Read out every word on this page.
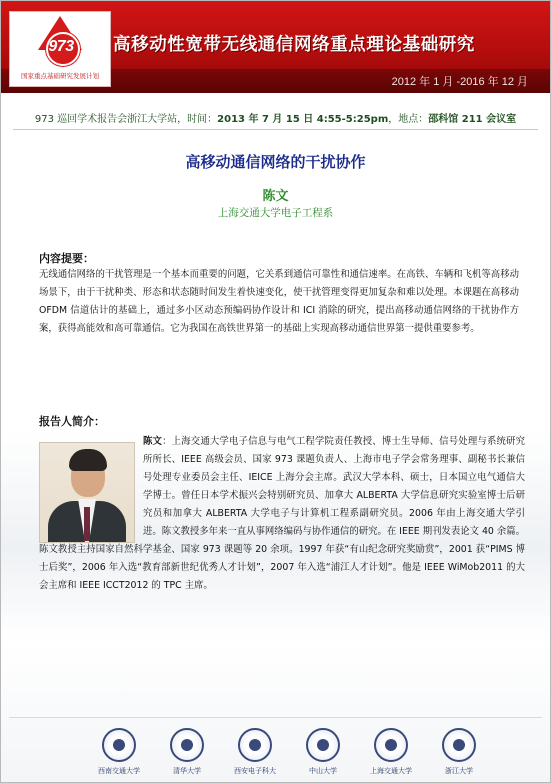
973
国家重点基础研究发展计划
高移动性宽带无线通信网络重点理论基础研究
2012 年 1 月 -2016 年 12 月
973 巡回学术报告会浙江大学站，时间：2013 年 7 月 15 日 4:55-5:25pm，地点：邵科馆 211 会议室
高移动通信网络的干扰协作
陈文
上海交通大学电子工程系
内容提要：
无线通信网络的干扰管理是一个基本而重要的问题，它关系到通信可靠性和通信速率。在高铁、车辆和飞机等高移动场景下，由于干扰种类、形态和状态随时间发生着快速变化，使干扰管理变得更加复杂和难以处理。本课题在高移动 OFDM 信道估计的基础上，通过多小区动态预编码协作设计和 ICI 消除的研究，提出高移动通信网络的干扰协作方案，获得高能效和高可靠通信。它为我国在高铁世界第一的基础上实现高移动通信世界第一提供重要参考。
报告人简介：
陈文：上海交通大学电子信息与电气工程学院责任教授、博士生导师、信号处理与系统研究所所长、IEEE 高级会员、国家 973 课题负责人、上海市电子学会常务理事、副秘书长兼信号处理专业委员会主任、IEICE 上海分会主席。武汉大学本科、硕士，日本国立电气通信大学博士。曾任日本学术振兴会特别研究员、加拿大 ALBERTA 大学信息研究实验室博士后研究员和加拿大 ALBERTA 大学电子与计算机工程系副研究员。2006 年由上海交通大学引进。陈文教授多年来一直从事网络编码与协作通信的研究。在 IEEE 期刊发表论文 40 余篇。陈文教授主持国家自然科学基金、国家 973 课题等 20 余项。1997 年获“有山纪念研究奖励赏”，2001 获“PIMS 博士后奖”，2006 年入选“教育部新世纪优秀人才计划”，2007 年入选“浦江人才计划”。他是 IEEE WiMob2011 的大会主席和 IEEE ICCT2012 的 TPC 主席。
西南交通大学	清华大学	西安电子科大	中山大学	上海交通大学	浙江大学
